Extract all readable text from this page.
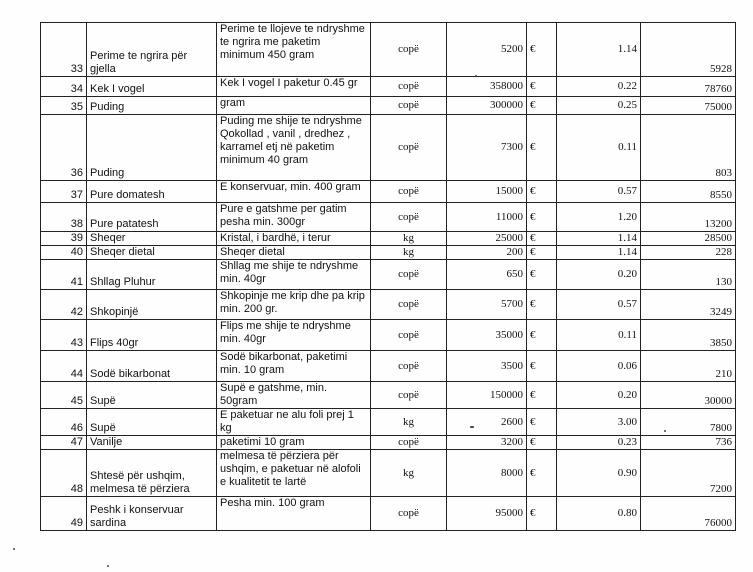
33	Perime te ngrira për gjella	Perime te llojeve te ndryshme te ngrira me paketim minimum 450 gram	copë	5200	€	1.14	5928
34	Kek I vogel	Kek I vogel I paketur 0.45 gr	copë	358000	€	0.22	78760
35	Puding	gram	copë	300000	€	0.25	75000
36	Puding	Puding me shije te ndryshme Qokollad , vanil , dredhez , karramel etj në paketim minimum 40 gram	copë	7300	€	0.11	803
37	Pure domatesh	E konservuar, min. 400 gram	copë	15000	€	0.57	8550
38	Pure patatesh	Pure e gatshme per gatim pesha min. 300gr	copë	11000	€	1.20	13200
39	Sheqer	Kristal, i bardhë, i terur	kg	25000	€	1.14	28500
40	Sheqer dietal	Sheqer dietal	kg	200	€	1.14	228
41	Shllag Pluhur	Shllag me shije te ndryshme min. 40gr	copë	650	€	0.20	130
42	Shkopinjë	Shkopinje me krip dhe pa krip min. 200 gr.	copë	5700	€	0.57	3249
43	Flips 40gr	Flips me shije te ndryshme min. 40gr	copë	35000	€	0.11	3850
44	Sodë bikarbonat	Sodë bikarbonat, paketimi min. 10 gram	copë	3500	€	0.06	210
45	Supë	Supë e gatshme, min. 50gram	copë	150000	€	0.20	30000
46	Supë	E paketuar ne alu foli prej 1 kg	kg	2600	€	3.00	7800
47	Vanilje	paketimi 10 gram	copë	3200	€	0.23	736
48	Shtesë për ushqim, melmesa të përziera	melmesa të përziera për ushqim, e paketuar në alofoli e kualitetit te lartë	kg	8000	€	0.90	7200
49	Peshk i konservuar sardina	Pesha min. 100 gram	copë	95000	€	0.80	76000
